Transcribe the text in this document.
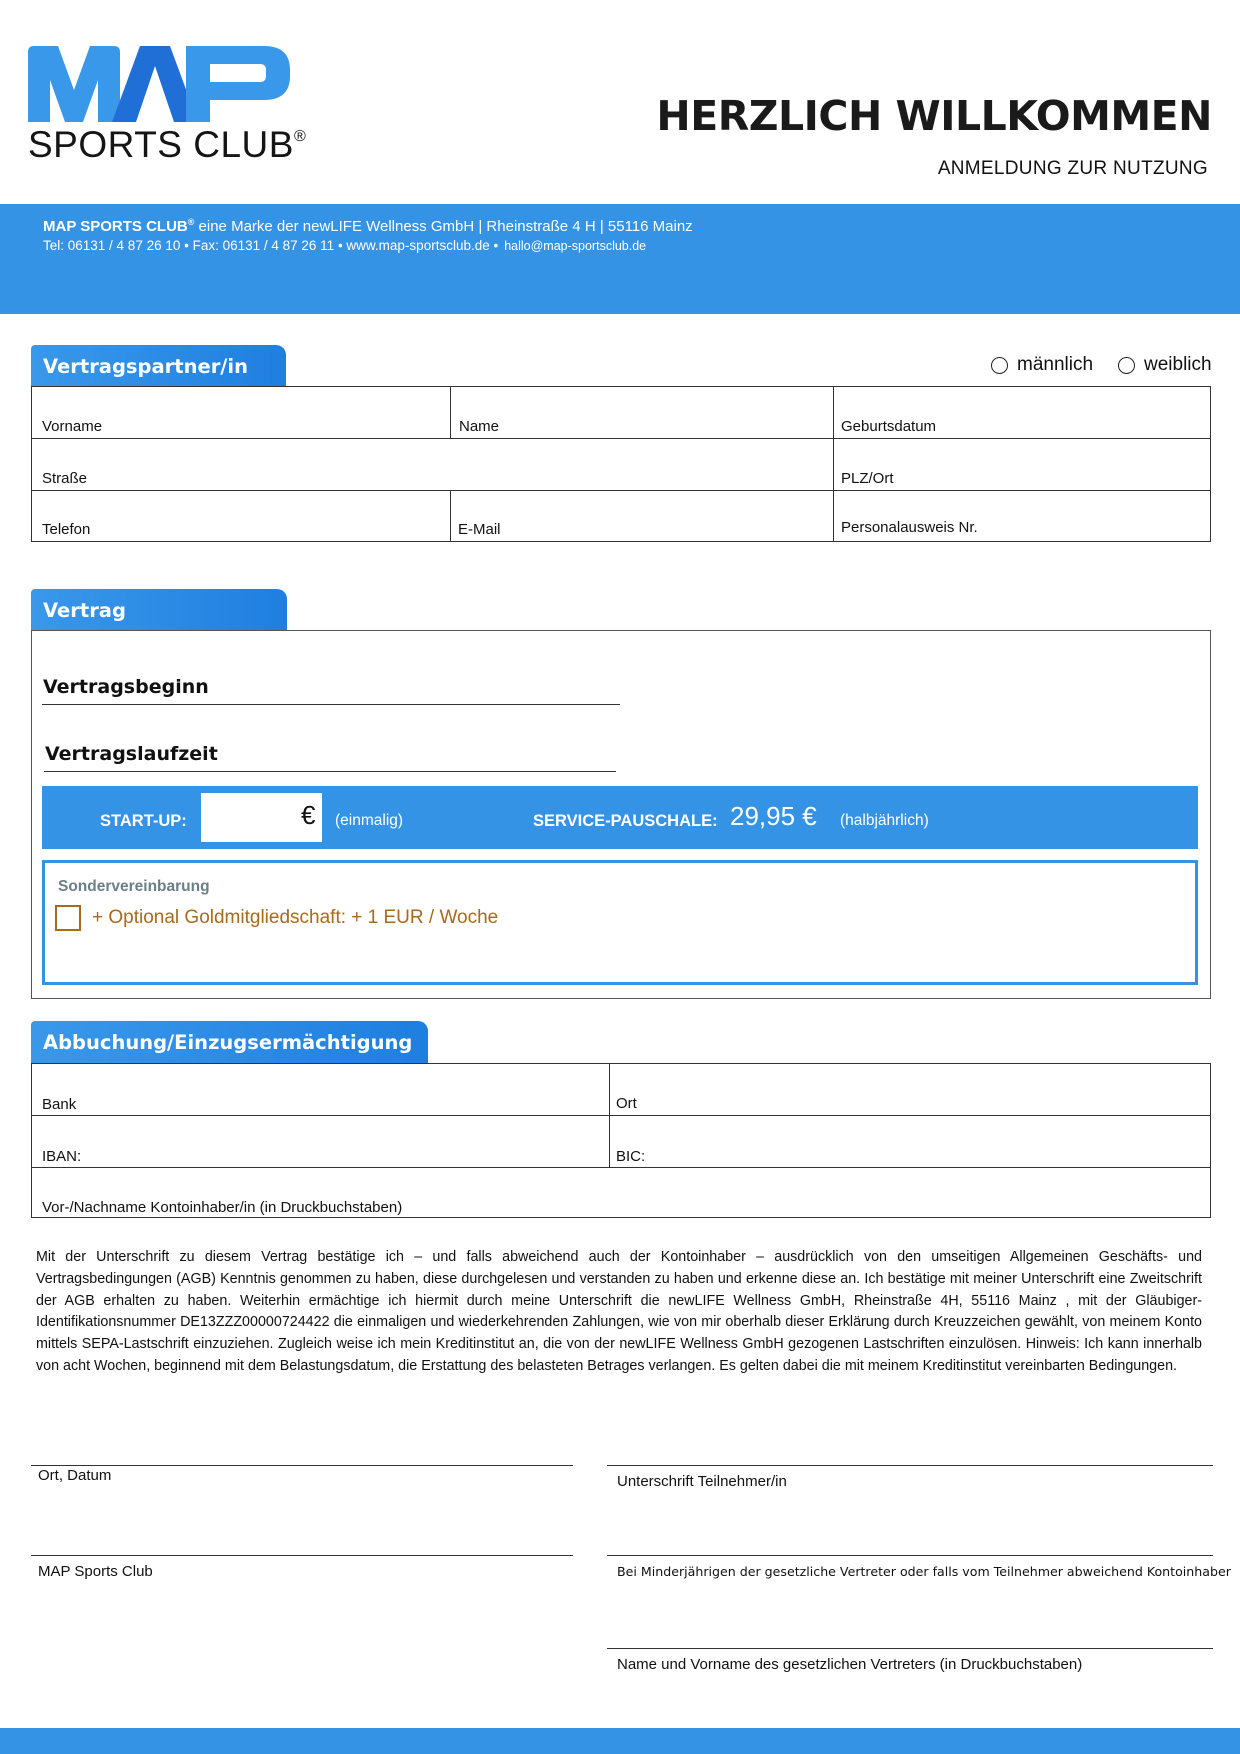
SPORTS CLUB®	HERZLICH WILLKOMMEN
ANMELDUNG ZUR NUTZUNG
MAP SPORTS CLUB® eine Marke der newLIFE Wellness GmbH | Rheinstraße 4 H | 55116 Mainz
Tel: 06131 / 4 87 26 10 • Fax: 06131 / 4 87 26 11 • www.map-sportsclub.de • hallo@map-sportsclub.de
Vertragspartner/in	männlich	weiblich
Vorname	Name	Geburtsdatum
Straße	PLZ/Ort
Telefon	E-Mail	Personalausweis Nr.
Vertrag
Vertragsbeginn
Vertragslaufzeit
START-UP:	€ (einmalig)	SERVICE-PAUSCHALE: 29,95 € (halbjährlich)
Sondervereinbarung
+ Optional Goldmitgliedschaft: + 1 EUR / Woche
Abbuchung/Einzugsermächtigung
Bank	Ort
IBAN:	BIC:
Vor-/Nachname Kontoinhaber/in (in Druckbuchstaben)
Mit der Unterschrift zu diesem Vertrag bestätige ich – und falls abweichend auch der Kontoinhaber – ausdrücklich von den umseitigen Allgemeinen Geschäfts- und Vertragsbedingungen (AGB) Kenntnis genommen zu haben, diese durchgelesen und verstanden zu haben und erkenne diese an. Ich bestätige mit meiner Unterschrift eine Zweitschrift der AGB erhalten zu haben. Weiterhin ermächtige ich hiermit durch meine Unterschrift die newLIFE Wellness GmbH, Rheinstraße 4H, 55116 Mainz , mit der Gläubiger-Identifikationsnummer DE13ZZZ00000724422 die einmaligen und wiederkehrenden Zahlungen, wie von mir oberhalb dieser Erklärung durch Kreuzzeichen gewählt, von meinem Konto mittels SEPA-Lastschrift einzuziehen. Zugleich weise ich mein Kreditinstitut an, die von der newLIFE Wellness GmbH gezogenen Lastschriften einzulösen. Hinweis: Ich kann innerhalb von acht Wochen, beginnend mit dem Belastungsdatum, die Erstattung des belasteten Betrages verlangen. Es gelten dabei die mit meinem Kreditinstitut vereinbarten Bedingungen.
Ort, Datum	Unterschrift Teilnehmer/in
MAP Sports Club	Bei Minderjährigen der gesetzliche Vertreter oder falls vom Teilnehmer abweichend Kontoinhaber
Name und Vorname des gesetzlichen Vertreters (in Druckbuchstaben)
